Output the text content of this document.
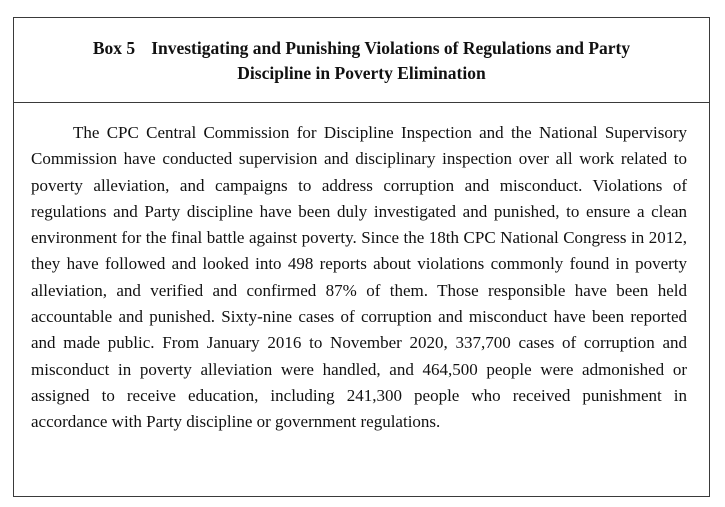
Box 5 Investigating and Punishing Violations of Regulations and Party
Discipline in Poverty Elimination
The CPC Central Commission for Discipline Inspection and the National Supervisory Commission have conducted supervision and disciplinary inspection over all work related to poverty alleviation, and campaigns to address corruption and misconduct. Violations of regulations and Party discipline have been duly investigated and punished, to ensure a clean environment for the final battle against poverty. Since the 18th CPC National Congress in 2012, they have followed and looked into 498 reports about violations commonly found in poverty alleviation, and verified and confirmed 87% of them. Those responsible have been held accountable and punished. Sixty-nine cases of corruption and misconduct have been reported and made public. From January 2016 to November 2020, 337,700 cases of corruption and misconduct in poverty alleviation were handled, and 464,500 people were admonished or assigned to receive education, including 241,300 people who received punishment in accordance with Party discipline or government regulations.
